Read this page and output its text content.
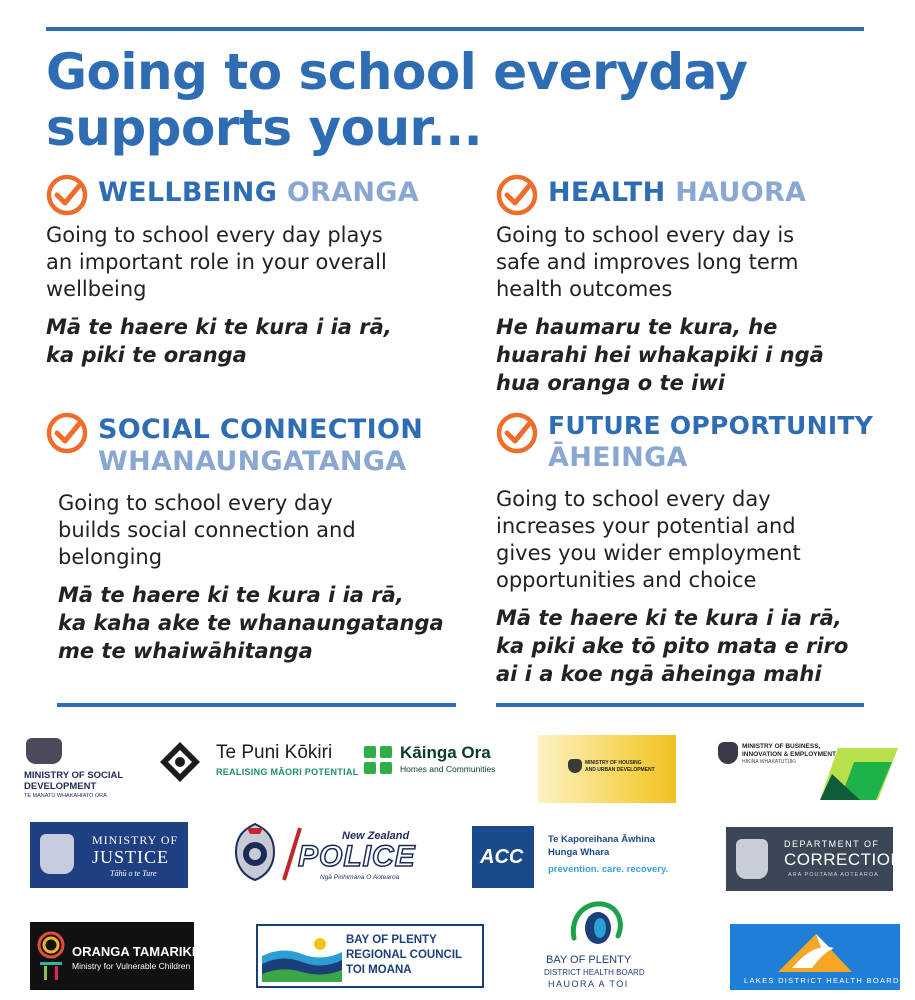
Going to school everyday
supports your...
WELLBEING ORANGA

Going to school every day plays
an important role in your overall
wellbeing

Mā te haere ki te kura i ia rā,
ka piki te oranga

HEALTH HAUORA

Going to school every day is
safe and improves long term
health outcomes

He haumaru te kura, he
huarahi hei whakapiki i ngā
hua oranga o te iwi

SOCIAL CONNECTION
WHANAUNGATANGA

Going to school every day
builds social connection and
belonging

Mā te haere ki te kura i ia rā,
ka kaha ake te whanaungatanga
me te whaiwāhitanga

FUTURE OPPORTUNITY
ĀHEINGA

Going to school every day
increases your potential and
gives you wider employment
opportunities and choice

Mā te haere ki te kura i ia rā,
ka piki ake tō pito mata e riro
ai i a koe ngā āheinga mahi

MINISTRY OF SOCIAL
DEVELOPMENT
TE MANATŪ WHAKAHIATO ORA
Te Puni Kōkiri
REALISING MĀORI POTENTIAL
Kāinga Ora
Homes and Communities
MINISTRY OF HOUSING
AND URBAN DEVELOPMENT
MINISTRY OF BUSINESS,
INNOVATION & EMPLOYMENT
HĪKINA WHAKATUTUKI
MINISTRY OF
JUSTICE
Tāhū o te Ture
New Zealand
POLICE
Ngā Pirihimana O Aotearoa
ACC
Te Kaporeihana Āwhina
Hunga Whara
prevention. care. recovery.
DEPARTMENT OF
CORRECTIONS
ARA POUTAMA AOTEAROA
ORANGA TAMARIKI
Ministry for Vulnerable Children
BAY OF PLENTY
REGIONAL COUNCIL
TOI MOANA
BAY OF PLENTY
DISTRICT HEALTH BOARD
HAUORA A TOI	LAKES DISTRICT HEALTH BOARD
